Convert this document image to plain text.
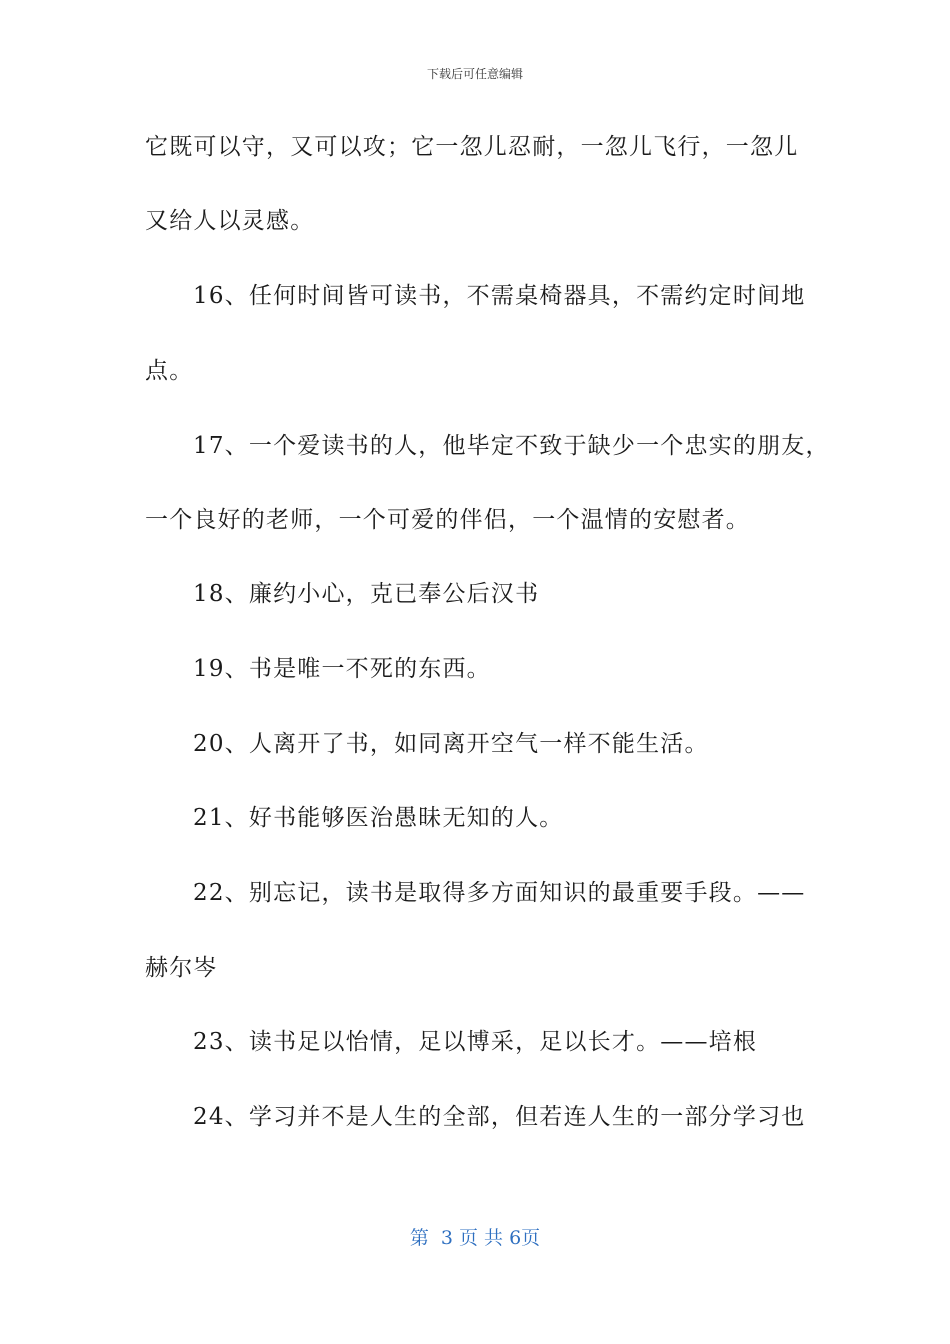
下载后可任意编辑
它既可以守，又可以攻；它一忽儿忍耐，一忽儿飞行，一忽儿
又给人以灵感。
16、任何时间皆可读书，不需桌椅器具，不需约定时间地
点。
17、一个爱读书的人，他毕定不致于缺少一个忠实的朋友，
一个良好的老师，一个可爱的伴侣，一个温情的安慰者。
18、廉约小心，克已奉公后汉书
19、书是唯一不死的东西。
20、人离开了书，如同离开空气一样不能生活。
21、好书能够医治愚昧无知的人。
22、别忘记，读书是取得多方面知识的最重要手段。——
赫尔岑
23、读书足以怡情，足以博采，足以长才。——培根
24、学习并不是人生的全部，但若连人生的一部分学习也
第  3 页 共 6页
